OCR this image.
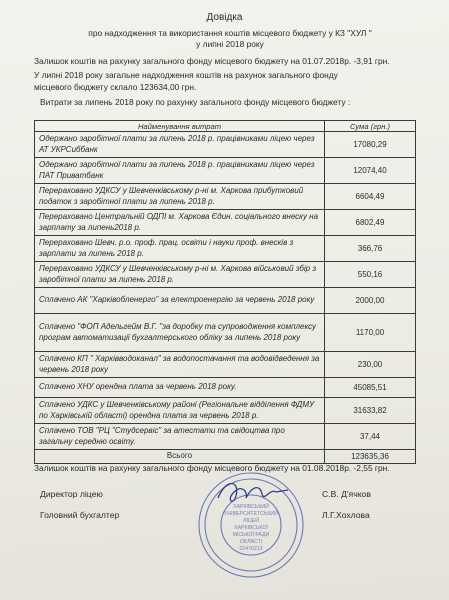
Довідка
про надходження та використання коштів місцевого бюджету у КЗ "ХУЛ "
у липні 2018 року
Залишок коштів на рахунку загального фонду місцевого бюджету на 01.07.2018р. -3,91 грн.
У липні 2018 року загальне надходження коштів на рахунок загального фонду
місцевого бюджету склало 123634,00 грн.
Витрати за липень 2018 року по рахунку загального фонду місцевого бюджету :
Найменування витрат	Сума (грн.)
Одержано заробітної плати за липень 2018 р. працівниками ліцею через АТ УКРСиббанк	17080,29
Одержано заробітної плати за липень 2018 р. працівниками ліцею через ПАТ Приватбанк	12074,40
Перераховано УДКСУ у Шевченківському р-ні м. Харкова прибутковий податок з заробітної плати за липень 2018 р.	6604,49
Перераховано Центральній ОДПІ м. Харкова Єдин. соціального внеску на зарплату за липень2018 р.	6802,49
Перераховано Шевч. р.о. проф. прац. освіти і науки проф. внесків з зарплати за липень 2018 р.	366,76
Перераховано УДКСУ у Шевченківському р-ні м. Харкова військовий збір з заробітної плати за липень 2018 р.	550,16
Сплачено АК "Харківобленерго" за електроенергію за червень 2018 року	2000,00
Сплачено "ФОП Адельгейм В.Г. "за доробку та супроводження комплексу програм автоматизації бухгалтерського обліку за липень 2018 року	1170,00
Сплачено КП " Харківводоканал" за водопостачання та водовідведення за червень 2018 року	230,00
Сплачено ХНУ орендна плата за червень 2018 року.	45085,51
Сплачено УДКС у Шевченківському районі (Регіональне відділення ФДМУ по Харківській області) орендна плата за червень 2018 р.	31633,82
Сплачено ТОВ "РЦ "Студсервіс" за атестати та свідоцтва про загальну середню освіту.	37,44
Всього	123635,36
Залишок коштів на рахунку загального фонду місцевого бюджету на 01.08.2018р. -2,55 грн.
Директор ліцею	С.В. Д'ячков
Головний бухгалтер	Л.Г.Хохлова
ХАРКІВСЬКИЙ
УНІВЕРСИТЕТСЬКИЙ
ЛІЦЕЙ
ХАРКІВСЬКОЇ
МІСЬКОЇ РАДИ
ОБЛАСТІ
02476213
